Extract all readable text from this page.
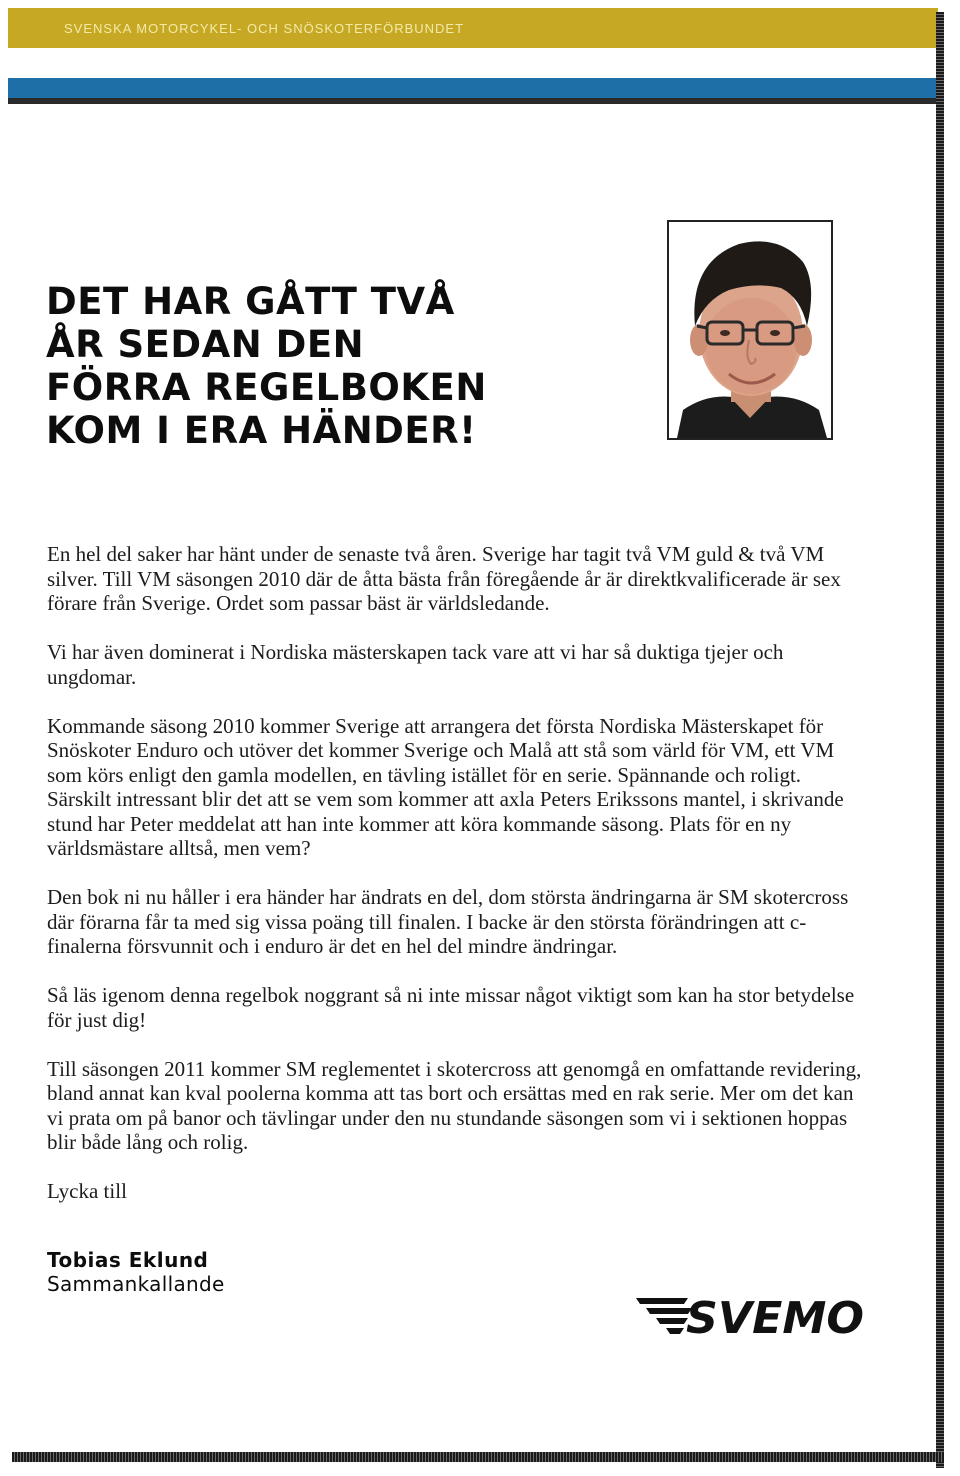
SVENSKA MOTORCYKEL- OCH SNÖSKOTERFÖRBUNDET
DET HAR GÅTT TVÅ
ÅR SEDAN DEN
FÖRRA REGELBOKEN
KOM I ERA HÄNDER!

En hel del saker har hänt under de senaste två åren. Sverige har tagit två VM guld & två VM silver. Till VM säsongen 2010 där de åtta bästa från föregående år är direktkvalificerade är sex förare från Sverige. Ordet som passar bäst är världsledande.

Vi har även dominerat i Nordiska mästerskapen tack vare att vi har så duktiga tjejer och ungdomar.

Kommande säsong 2010 kommer Sverige att arrangera det första Nordiska Mästerskapet för Snöskoter Enduro och utöver det kommer Sverige och Malå att stå som värld för VM, ett VM som körs enligt den gamla modellen, en tävling istället för en serie. Spännande och roligt. Särskilt intressant blir det att se vem som kommer att axla Peters Erikssons mantel, i skrivande stund har Peter meddelat att han inte kommer att köra kommande säsong. Plats för en ny världsmästare alltså, men vem?

Den bok ni nu håller i era händer har ändrats en del, dom största ändringarna är SM skotercross där förarna får ta med sig vissa poäng till finalen. I backe är den största förändringen att c-finalerna försvunnit och i enduro är det en hel del mindre ändringar.

Så läs igenom denna regelbok noggrant så ni inte missar något viktigt som kan ha stor betydelse för just dig!

Till säsongen 2011 kommer SM reglementet i skotercross att genomgå en omfattande revidering, bland annat kan kval poolerna komma att tas bort och ersättas med en rak serie. Mer om det kan vi prata om på banor och tävlingar under den nu stundande säsongen som vi i sektionen hoppas blir både lång och rolig.

Lycka till

Tobias Eklund
Sammankallande
SVEMO
